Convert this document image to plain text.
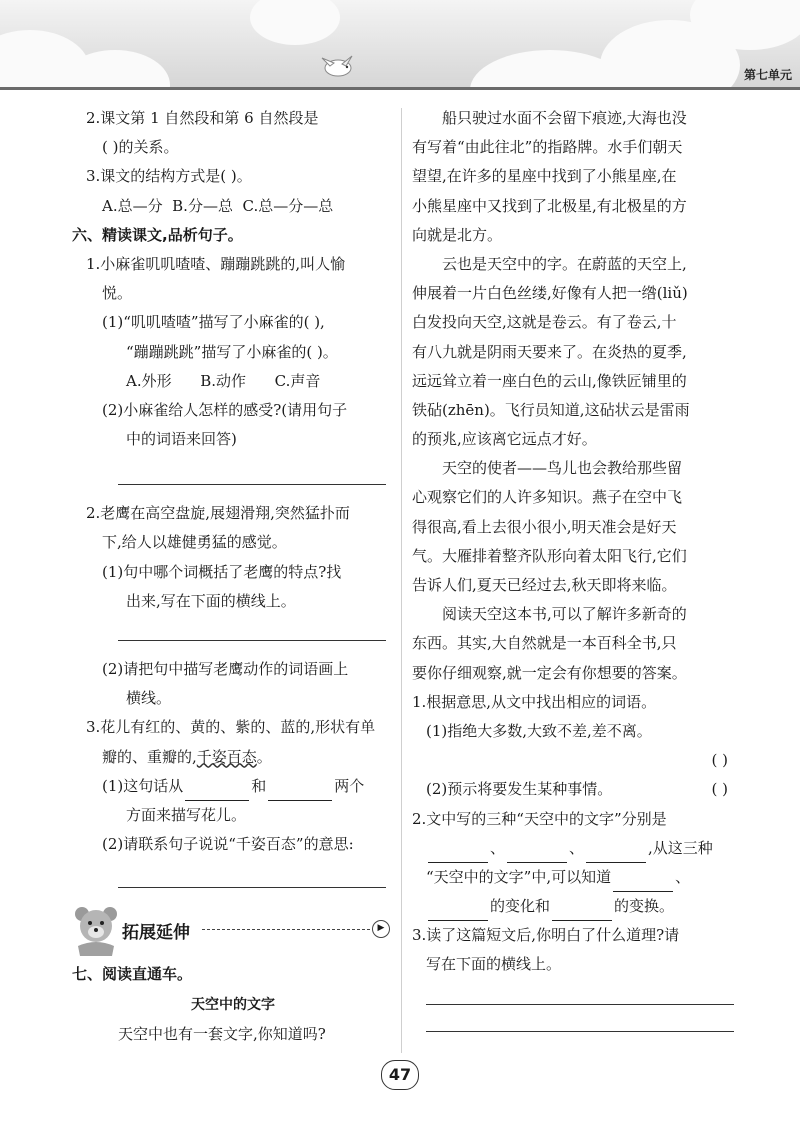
第七单元
2.课文第 1 自然段和第 6 自然段是
( )的关系。
3.课文的结构方式是( )。
A.总—分 B.分—总 C.总—分—总
六、精读课文,品析句子。
1.小麻雀叽叽喳喳、蹦蹦跳跳的,叫人愉
悦。
(1)“叽叽喳喳”描写了小麻雀的( ),
“蹦蹦跳跳”描写了小麻雀的( )。
A.外形 B.动作 C.声音
(2)小麻雀给人怎样的感受?(请用句子
中的词语来回答)
2.老鹰在高空盘旋,展翅滑翔,突然猛扑而
下,给人以雄健勇猛的感觉。
(1)句中哪个词概括了老鹰的特点?找
出来,写在下面的横线上。
(2)请把句中描写老鹰动作的词语画上
横线。
3.花儿有红的、黄的、紫的、蓝的,形状有单
瓣的、重瓣的,千姿百态。
(1)这句话从	和	两个
方面来描写花儿。
(2)请联系句子说说“千姿百态”的意思:
拓展延伸	▶
七、阅读直通车。
天空中的文字
天空中也有一套文字,你知道吗?
船只驶过水面不会留下痕迹,大海也没
有写着“由此往北”的指路牌。水手们朝天
望望,在许多的星座中找到了小熊星座,在
小熊星座中又找到了北极星,有北极星的方
向就是北方。
云也是天空中的字。在蔚蓝的天空上,
伸展着一片白色丝缕,好像有人把一绺(liǔ)
白发投向天空,这就是卷云。有了卷云,十
有八九就是阴雨天要来了。在炎热的夏季,
远远耸立着一座白色的云山,像铁匠铺里的
铁砧(zhēn)。飞行员知道,这砧状云是雷雨
的预兆,应该离它远点才好。
天空的使者——鸟儿也会教给那些留
心观察它们的人许多知识。燕子在空中飞
得很高,看上去很小很小,明天准会是好天
气。大雁排着整齐队形向着太阳飞行,它们
告诉人们,夏天已经过去,秋天即将来临。
阅读天空这本书,可以了解许多新奇的
东西。其实,大自然就是一本百科全书,只
要你仔细观察,就一定会有你想要的答案。
1.根据意思,从文中找出相应的词语。
(1)指绝大多数,大致不差,差不离。
( )
(2)预示将要发生某种事情。	( )
2.文中写的三种“天空中的文字”分别是
、	、	,从这三种
“天空中的文字”中,可以知道	、
的变化和	的变换。
3.读了这篇短文后,你明白了什么道理?请
写在下面的横线上。
47
